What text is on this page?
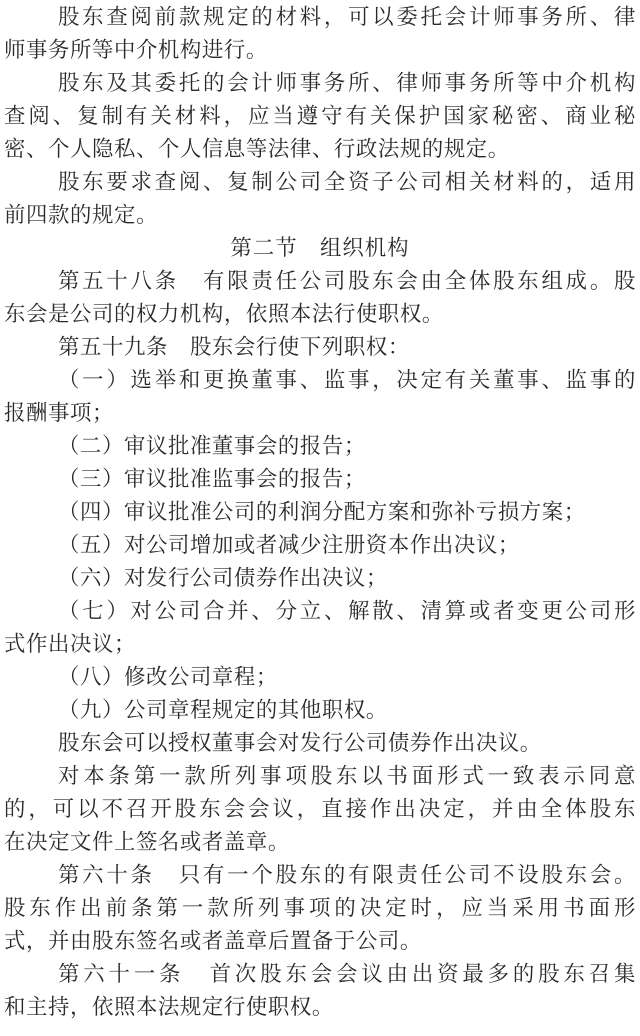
股东查阅前款规定的材料，可以委托会计师事务所、律
师事务所等中介机构进行。
股东及其委托的会计师事务所、律师事务所等中介机构
查阅、复制有关材料，应当遵守有关保护国家秘密、商业秘
密、个人隐私、个人信息等法律、行政法规的规定。
股东要求查阅、复制公司全资子公司相关材料的，适用
前四款的规定。
第二节　组织机构
第五十八条　有限责任公司股东会由全体股东组成。股
东会是公司的权力机构，依照本法行使职权。
第五十九条　股东会行使下列职权：
（一）选举和更换董事、监事，决定有关董事、监事的
报酬事项；
（二）审议批准董事会的报告；
（三）审议批准监事会的报告；
（四）审议批准公司的利润分配方案和弥补亏损方案；
（五）对公司增加或者减少注册资本作出决议；
（六）对发行公司债券作出决议；
（七）对公司合并、分立、解散、清算或者变更公司形
式作出决议；
（八）修改公司章程；
（九）公司章程规定的其他职权。
股东会可以授权董事会对发行公司债券作出决议。
对本条第一款所列事项股东以书面形式一致表示同意
的，可以不召开股东会会议，直接作出决定，并由全体股东
在决定文件上签名或者盖章。
第六十条　只有一个股东的有限责任公司不设股东会。
股东作出前条第一款所列事项的决定时，应当采用书面形
式，并由股东签名或者盖章后置备于公司。
第六十一条　首次股东会会议由出资最多的股东召集
和主持，依照本法规定行使职权。
